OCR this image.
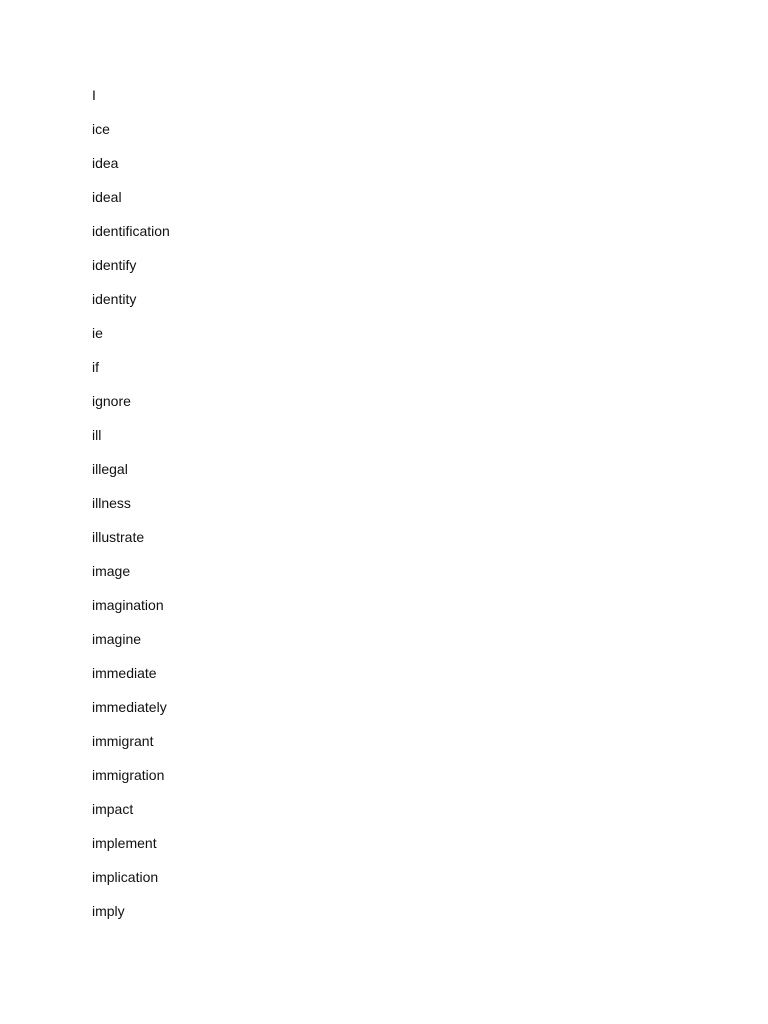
I
ice
idea
ideal
identification
identify
identity
ie
if
ignore
ill
illegal
illness
illustrate
image
imagination
imagine
immediate
immediately
immigrant
immigration
impact
implement
implication
imply
